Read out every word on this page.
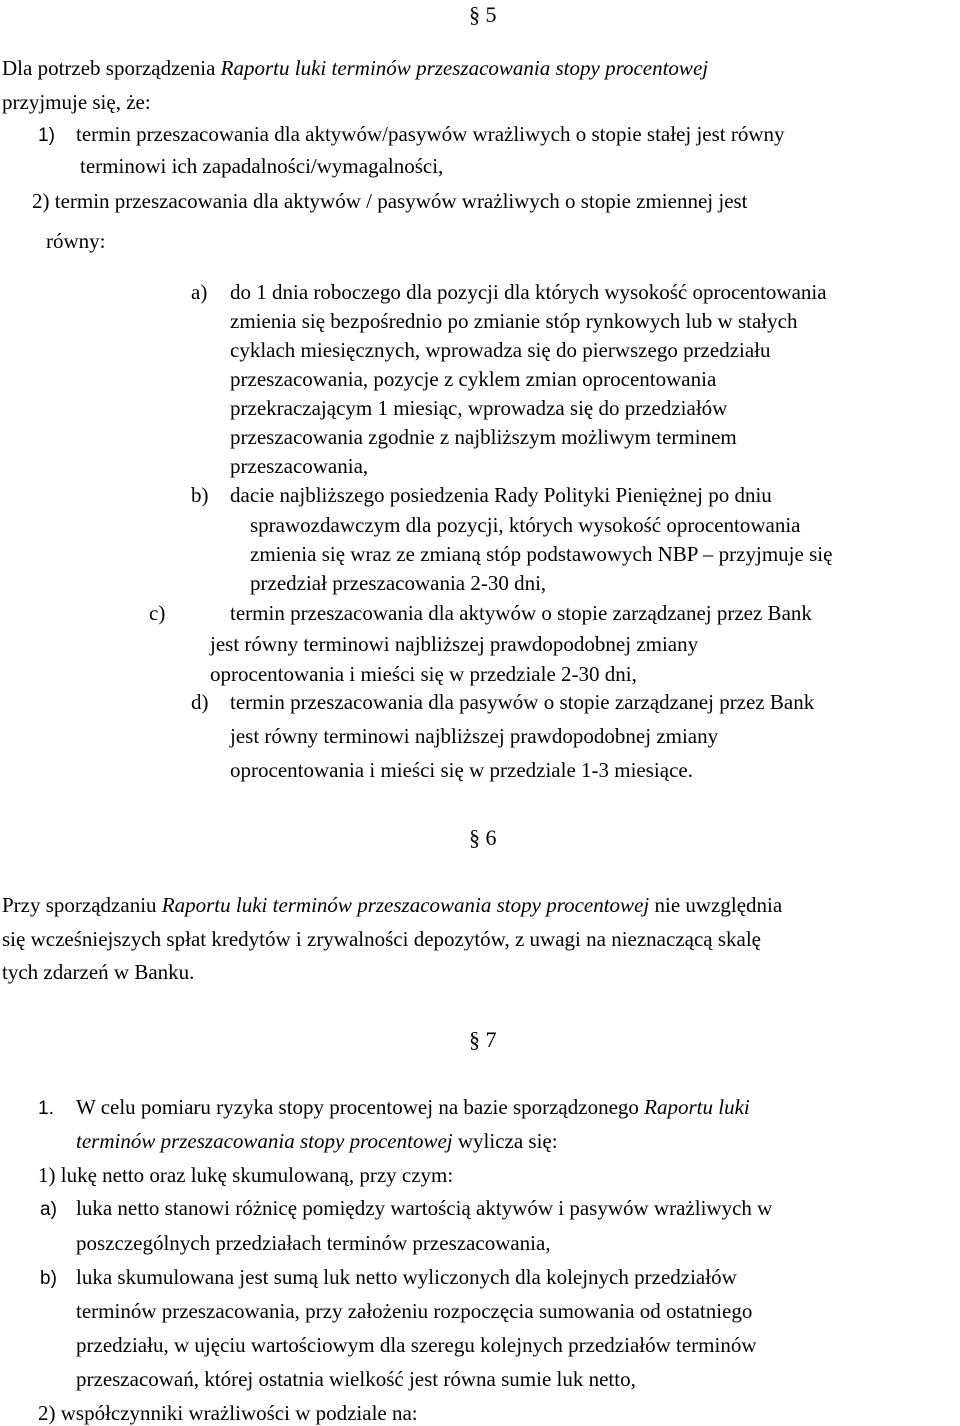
§ 5
Dla potrzeb sporządzenia Raportu luki terminów przeszacowania stopy procentowej
przyjmuje się, że:
1) termin przeszacowania dla aktywów/pasywów wrażliwych o stopie stałej jest równy
terminowi ich zapadalności/wymagalności,
2) termin przeszacowania dla aktywów / pasywów wrażliwych o stopie zmiennej jest
równy:
a) do 1 dnia roboczego dla pozycji dla których wysokość oprocentowania
zmienia się bezpośrednio po zmianie stóp rynkowych lub w stałych
cyklach miesięcznych, wprowadza się do pierwszego przedziału
przeszacowania, pozycje z cyklem zmian oprocentowania
przekraczającym 1 miesiąc, wprowadza się do przedziałów
przeszacowania zgodnie z najbliższym możliwym terminem
przeszacowania,
b) dacie najbliższego posiedzenia Rady Polityki Pieniężnej po dniu
sprawozdawczym dla pozycji, których wysokość oprocentowania
zmienia się wraz ze zmianą stóp podstawowych NBP – przyjmuje się
przedział przeszacowania 2-30 dni,
c)	termin przeszacowania dla aktywów o stopie zarządzanej przez Bank
jest równy terminowi najbliższej prawdopodobnej zmiany
oprocentowania i mieści się w przedziale 2-30 dni,
d) termin przeszacowania dla pasywów o stopie zarządzanej przez Bank
jest równy terminowi najbliższej prawdopodobnej zmiany
oprocentowania i mieści się w przedziale 1-3 miesiące.
§ 6
Przy sporządzaniu Raportu luki terminów przeszacowania stopy procentowej nie uwzględnia
się wcześniejszych spłat kredytów i zrywalności depozytów, z uwagi na nieznaczącą skalę
tych zdarzeń w Banku.
§ 7
1. W celu pomiaru ryzyka stopy procentowej na bazie sporządzonego Raportu luki
terminów przeszacowania stopy procentowej wylicza się:
1) lukę netto oraz lukę skumulowaną, przy czym:
a) luka netto stanowi różnicę pomiędzy wartością aktywów i pasywów wrażliwych w
poszczególnych przedziałach terminów przeszacowania,
b) luka skumulowana jest sumą luk netto wyliczonych dla kolejnych przedziałów
terminów przeszacowania, przy założeniu rozpoczęcia sumowania od ostatniego
przedziału, w ujęciu wartościowym dla szeregu kolejnych przedziałów terminów
przeszacowań, której ostatnia wielkość jest równa sumie luk netto,
2) współczynniki wrażliwości w podziale na:
